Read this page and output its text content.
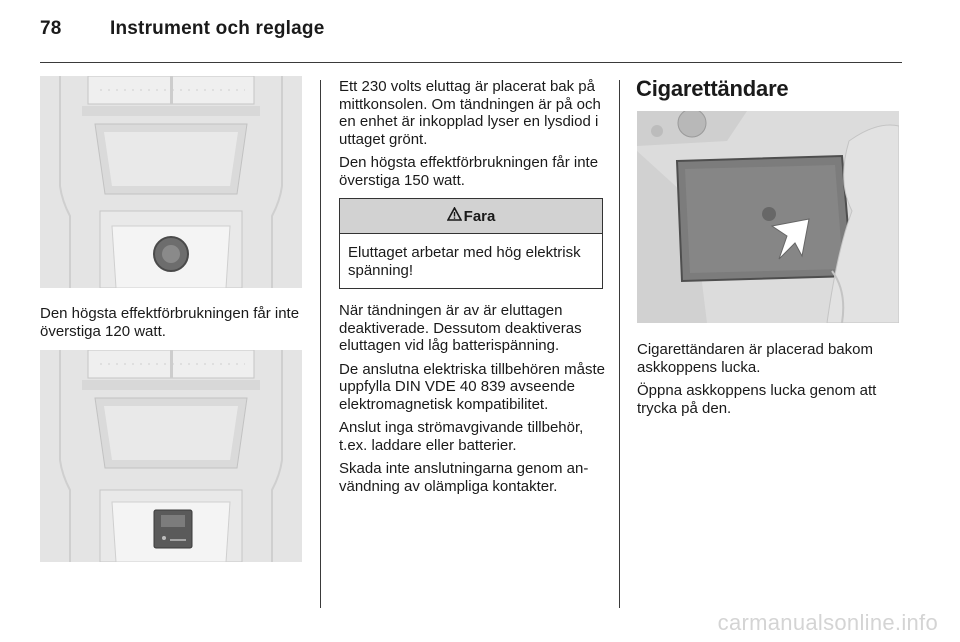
78	Instrument och reglage
Den högsta effektförbrukningen får inte överstiga 120 watt.

Ett 230 volts eluttag är placerat bak på mittkonsolen. Om tändningen är på och en enhet är inkopplad lyser en lysdiod i uttaget grönt.

Den högsta effektförbrukningen får inte överstiga 150 watt.

Fara
Eluttaget arbetar med hög elektrisk spänning!

När tändningen är av är eluttagen deaktiverade. Dessutom deaktiveras eluttagen vid låg batterispänning.

De anslutna elektriska tillbehören måste uppfylla DIN VDE 40 839 avseende elektromagnetisk kompatibilitet.

Anslut inga strömavgivande tillbehör, t.ex. laddare eller batterier.

Skada inte anslutningarna genom användning av olämpliga kontakter.

Cigarettändare

Cigarettändaren är placerad bakom askkoppens lucka.

Öppna askkoppens lucka genom att trycka på den.

carmanualsonline.info
